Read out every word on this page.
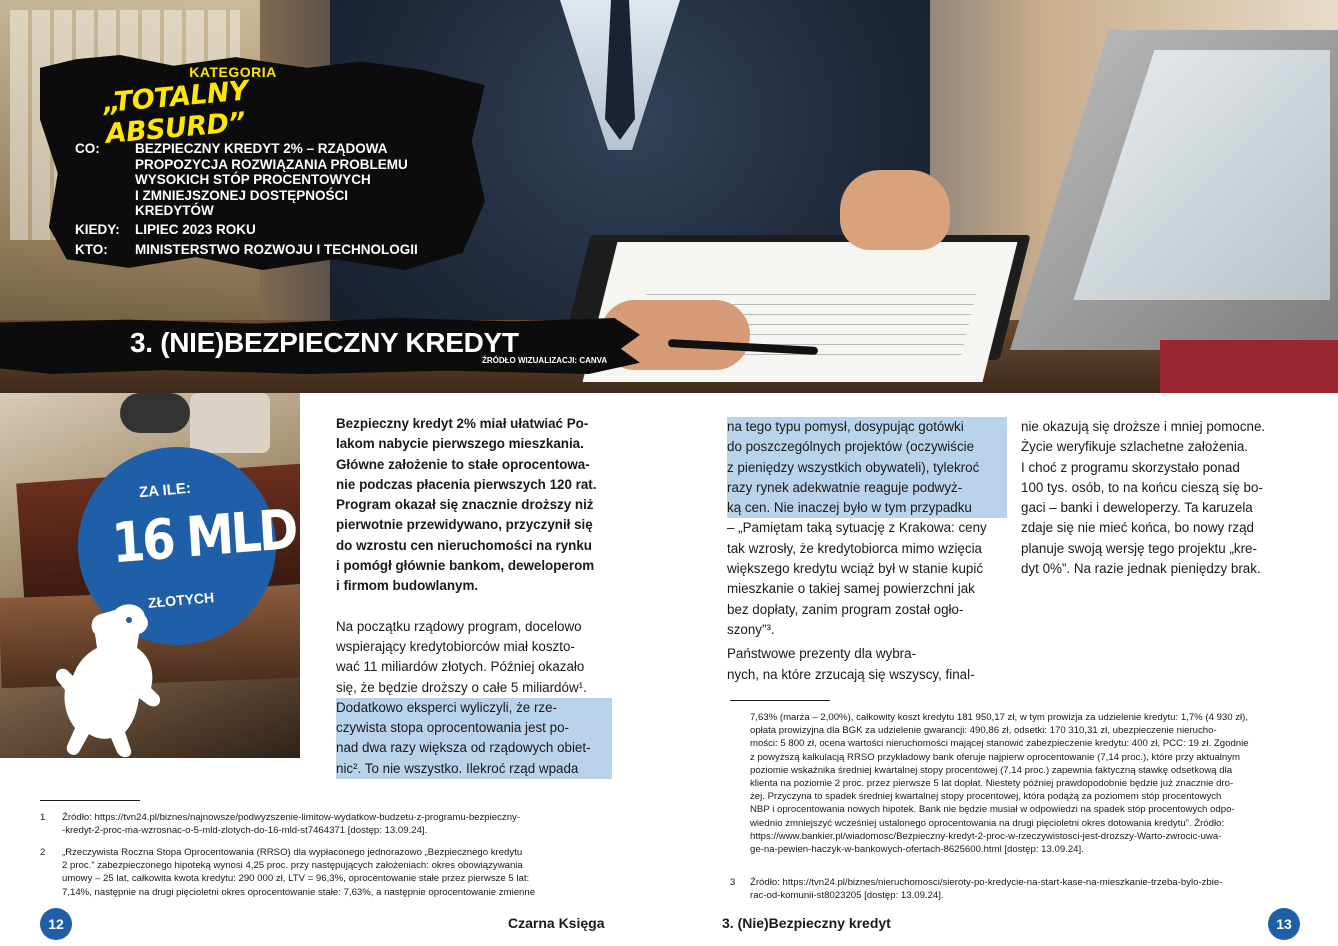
KATEGORIA
„TOTALNY ABSURD”
CO:	BEZPIECZNY KREDYT 2% – RZĄDOWA
PROPOZYCJA ROZWIĄZANIA PROBLEMU
WYSOKICH STÓP PROCENTOWYCH
I ZMNIEJSZONEJ DOSTĘPNOŚCI
KREDYTÓW
KIEDY:	LIPIEC 2023 ROKU
KTO:	MINISTERSTWO ROZWOJU I TECHNOLOGII
3. (NIE)BEZPIECZNY KREDYT
ŹRÓDŁO WIZUALIZACJI: CANVA
ZA ILE:
16 MLD
ZŁOTYCH

Bezpieczny kredyt 2% miał ułatwiać Po-
lakom nabycie pierwszego mieszkania.
Główne założenie to stałe oprocentowa-
nie podczas płacenia pierwszych 120 rat.
Program okazał się znacznie droższy niż
pierwotnie przewidywano, przyczynił się
do wzrostu cen nieruchomości na rynku
i pomógł głównie bankom, deweloperom
i firmom budowlanym.

Na początku rządowy program, docelowo
wspierający kredytobiorców miał koszto-
wać 11 miliardów złotych. Później okazało
się, że będzie droższy o całe 5 miliardów¹.

Dodatkowo eksperci wyliczyli, że rze-
czywista stopa oprocentowania jest po-
nad dwa razy większa od rządowych obiet-
nic². To nie wszystko. Ilekroć rząd wpada

na tego typu pomysł, dosypując gotówki
do poszczególnych projektów (oczywiście
z pieniędzy wszystkich obywateli), tylekroć
razy rynek adekwatnie reaguje podwyż-
ką cen. Nie inaczej było w tym przypadku

– „Pamiętam taką sytuację z Krakowa: ceny
tak wzrosły, że kredytobiorca mimo wzięcia
większego kredytu wciąż był w stanie kupić
mieszkanie o takiej samej powierzchni jak
bez dopłaty, zanim program został ogło-
szony”³.

Państwowe prezenty dla wybra-
nych, na które zrzucają się wszyscy, final-

nie okazują się droższe i mniej pomocne.
Życie weryfikuje szlachetne założenia.
I choć z programu skorzystało ponad
100 tys. osób, to na końcu cieszą się bo-
gaci – banki i deweloperzy. Ta karuzela
zdaje się nie mieć końca, bo nowy rząd
planuje swoją wersję tego projektu „kre-
dyt 0%”. Na razie jednak pieniędzy brak.

1 Źródło: https://tvn24.pl/biznes/najnowsze/podwyzszenie-limitow-wydatkow-budzetu-z-programu-bezpieczny-
-kredyt-2-proc-ma-wzrosnac-o-5-mld-zlotych-do-16-mld-st7464371 [dostęp: 13.09.24].
2 „Rzeczywista Roczna Stopa Oprocentowania (RRSO) dla wypłaconego jednorazowo „Bezpiecznego kredytu
2 proc.” zabezpieczonego hipoteką wynosi 4,25 proc. przy następujących założeniach: okres obowiązywania
umowy – 25 lat, całkowita kwota kredytu: 290 000 zł, LTV = 96,3%, oprocentowanie stałe przez pierwsze 5 lat:
7,14%, następnie na drugi pięcioletni okres oprocentowanie stałe: 7,63%, a następnie oprocentowanie zmienne
7,63% (marża – 2,00%), całkowity koszt kredytu 181 950,17 zł, w tym prowizja za udzielenie kredytu: 1,7% (4 930 zł),
opłata prowizyjna dla BGK za udzielenie gwarancji: 490,86 zł, odsetki: 170 310,31 zł, ubezpieczenie nierucho-
mości: 5 800 zł, ocena wartości nieruchomości mającej stanowić zabezpieczenie kredytu: 400 zł, PCC: 19 zł. Zgodnie
z powyższą kalkulacją RRSO przykładowy bank oferuje najpierw oprocentowanie (7,14 proc.), które przy aktualnym
poziomie wskaźnika średniej kwartalnej stopy procentowej (7,14 proc.) zapewnia faktyczną stawkę odsetkową dla
klienta na poziomie 2 proc. przez pierwsze 5 lat dopłat. Niestety później prawdopodobnie będzie już znacznie dro-
żej. Przyczyna to spadek średniej kwartalnej stopy procentowej, która podążą za poziomem stóp procentowych
NBP i oprocentowania nowych hipotek. Bank nie będzie musiał w odpowiedzi na spadek stóp procentowych odpo-
wiednio zmniejszyć wcześniej ustalonego oprocentowania na drugi pięcioletni okres dotowania kredytu”. Źródło:
https://www.bankier.pl/wiadomosc/Bezpieczny-kredyt-2-proc-w-rzeczywistosci-jest-drozszy-Warto-zwrocic-uwa-
ge-na-pewien-haczyk-w-bankowych-ofertach-8625600.html [dostęp: 13.09.24].
3 Źródło: https://tvn24.pl/biznes/nieruchomosci/sieroty-po-kredycie-na-start-kase-na-mieszkanie-trzeba-bylo-zbie-
rac-od-komunii-st8023205 [dostęp: 13.09.24].
12	Czarna Księga	3. (Nie)Bezpieczny kredyt	13
